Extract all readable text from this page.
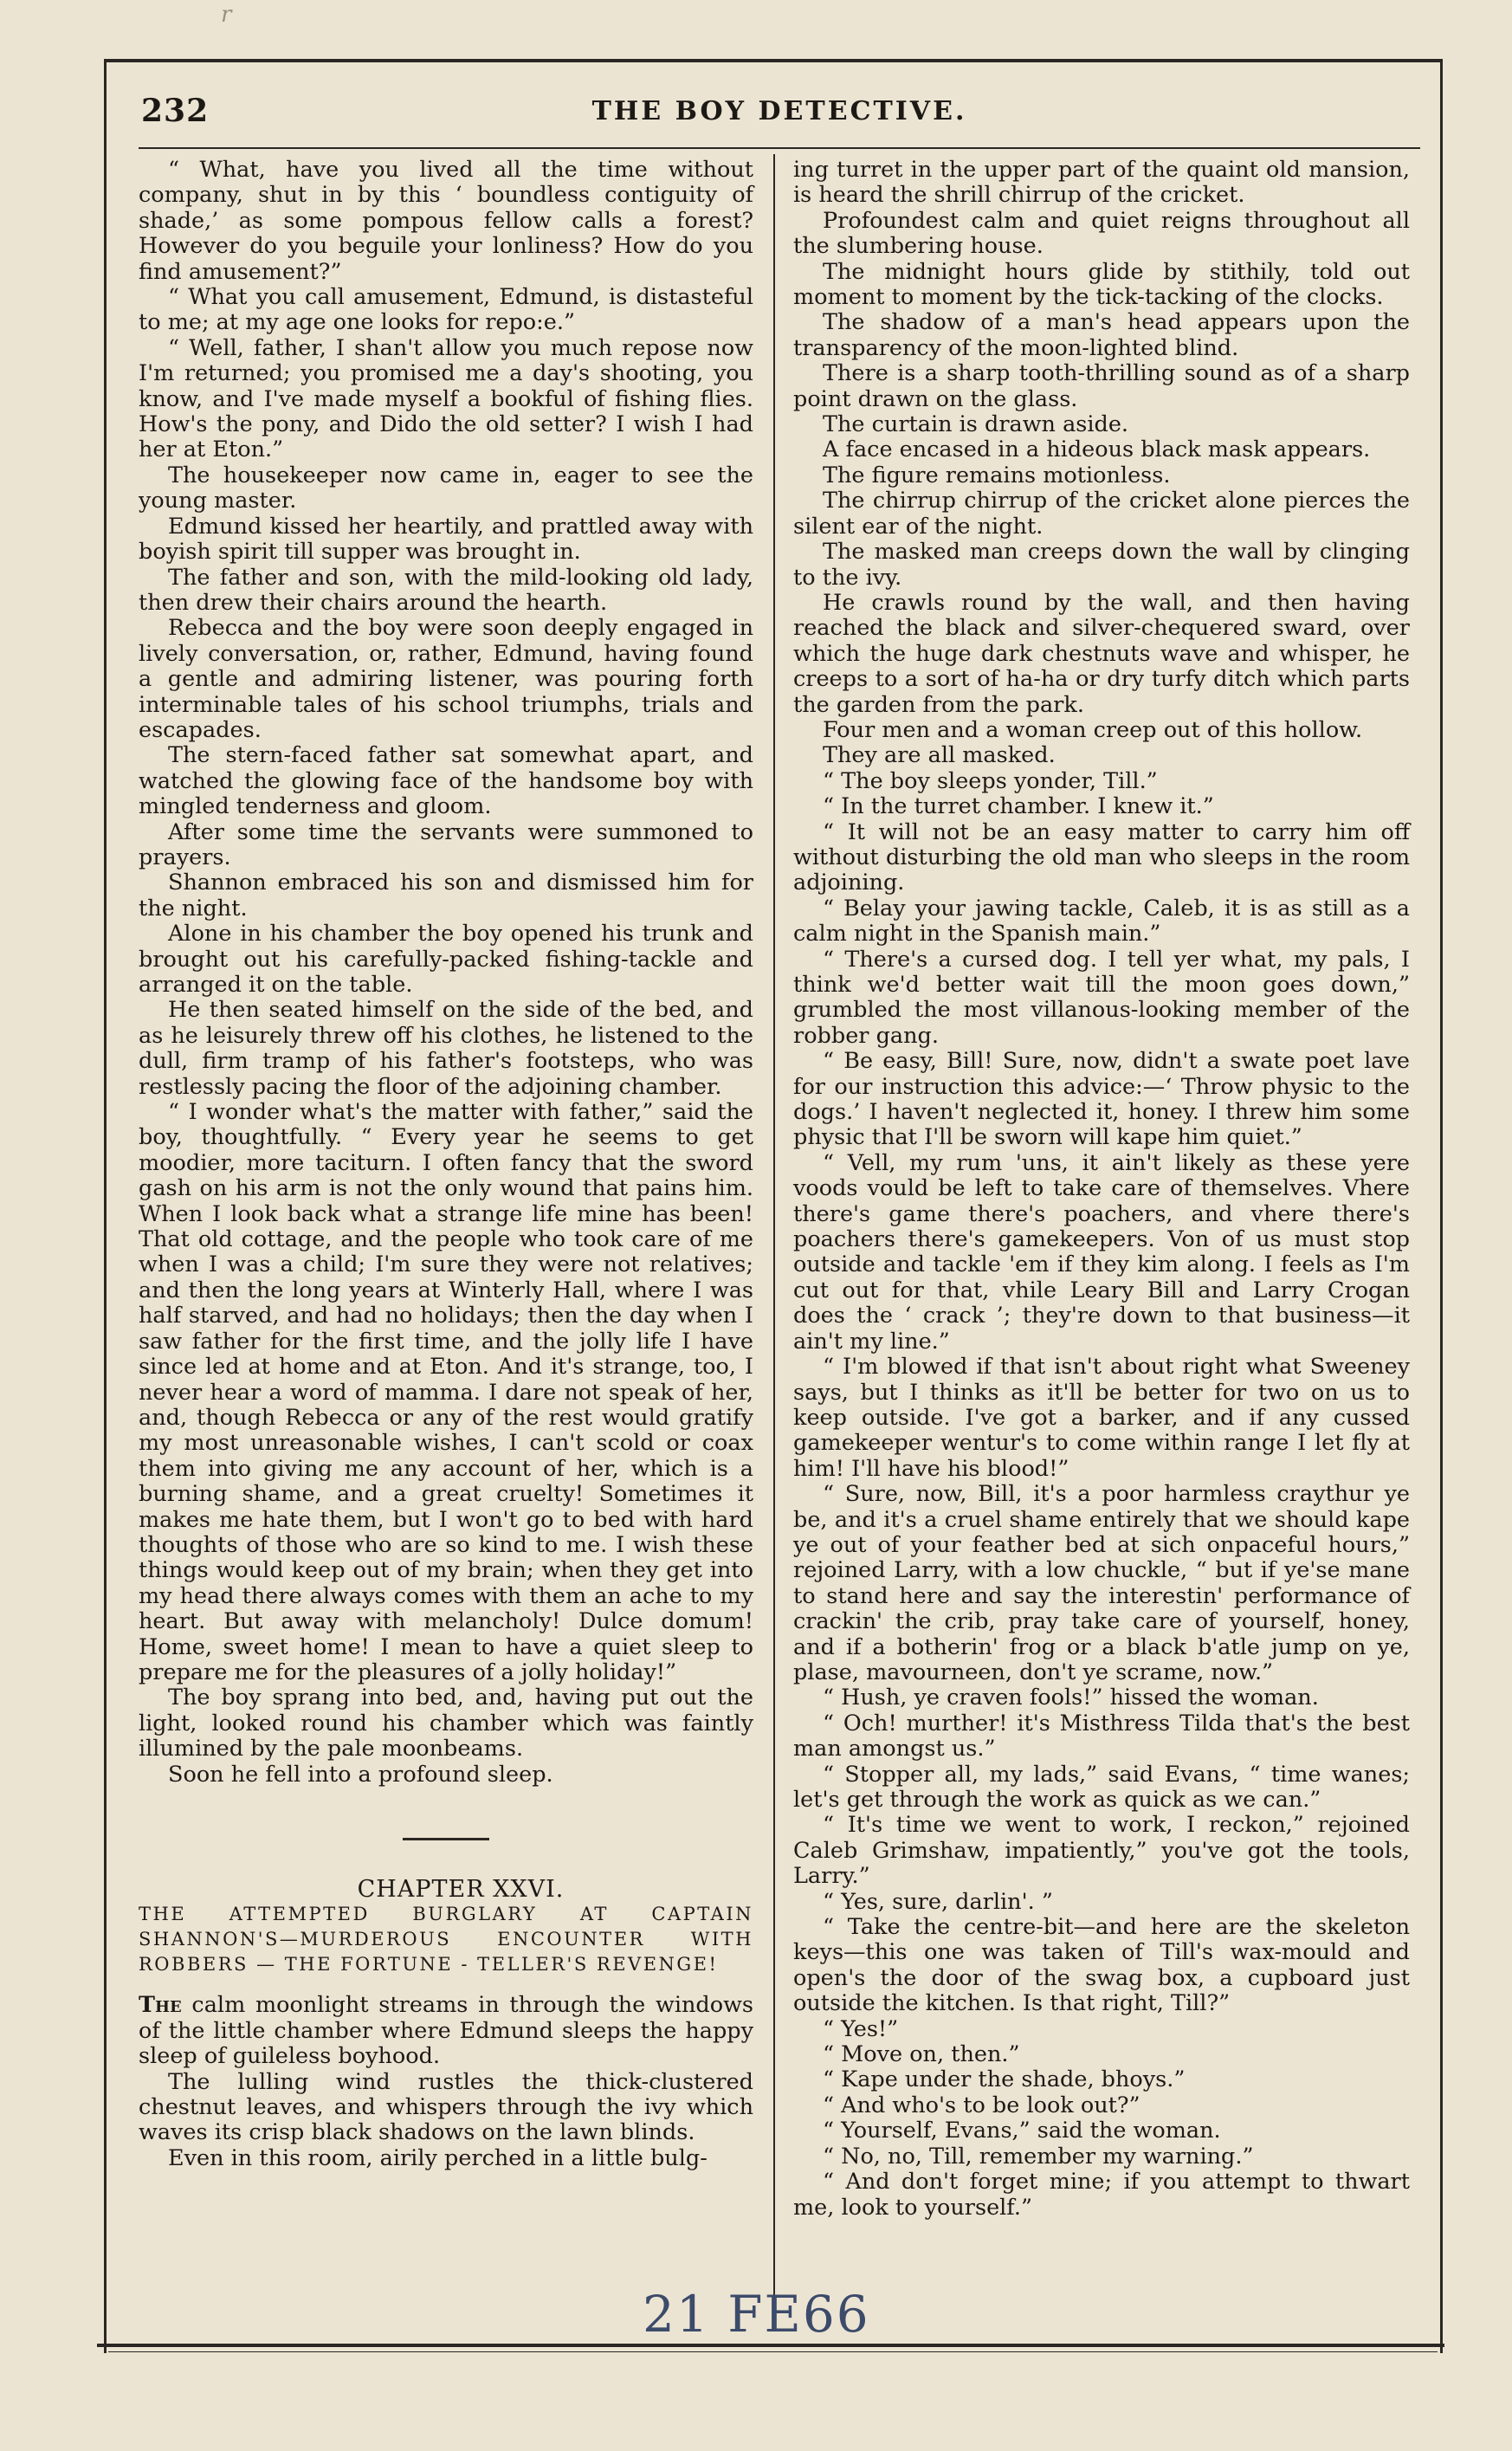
r
232	THE BOY DETECTIVE.

“ What, have you lived all the time without company, shut in by this ‘ boundless contiguity of shade,’ as some pompous fellow calls a forest? However do you beguile your lonliness? How do you find amusement?”

“ What you call amusement, Edmund, is distasteful to me; at my age one looks for repo:e.”

“ Well, father, I shan't allow you much repose now I'm returned; you promised me a day's shooting, you know, and I've made myself a bookful of fishing flies. How's the pony, and Dido the old setter? I wish I had her at Eton.”

The housekeeper now came in, eager to see the young master.

Edmund kissed her heartily, and prattled away with boyish spirit till supper was brought in.

The father and son, with the mild-looking old lady, then drew their chairs around the hearth.

Rebecca and the boy were soon deeply engaged in lively conversation, or, rather, Edmund, having found a gentle and admiring listener, was pouring forth interminable tales of his school triumphs, trials and escapades.

The stern-faced father sat somewhat apart, and watched the glowing face of the handsome boy with mingled tenderness and gloom.

After some time the servants were summoned to prayers.

Shannon embraced his son and dismissed him for the night.

Alone in his chamber the boy opened his trunk and brought out his carefully-packed fishing-tackle and arranged it on the table.

He then seated himself on the side of the bed, and as he leisurely threw off his clothes, he listened to the dull, firm tramp of his father's footsteps, who was restlessly pacing the floor of the adjoining chamber.

“ I wonder what's the matter with father,” said the boy, thoughtfully. “ Every year he seems to get moodier, more taciturn. I often fancy that the sword gash on his arm is not the only wound that pains him. When I look back what a strange life mine has been! That old cottage, and the people who took care of me when I was a child; I'm sure they were not relatives; and then the long years at Winterly Hall, where I was half starved, and had no holidays; then the day when I saw father for the first time, and the jolly life I have since led at home and at Eton. And it's strange, too, I never hear a word of mamma. I dare not speak of her, and, though Rebecca or any of the rest would gratify my most unreasonable wishes, I can't scold or coax them into giving me any account of her, which is a burning shame, and a great cruelty! Sometimes it makes me hate them, but I won't go to bed with hard thoughts of those who are so kind to me. I wish these things would keep out of my brain; when they get into my head there always comes with them an ache to my heart. But away with melancholy! Dulce domum! Home, sweet home! I mean to have a quiet sleep to prepare me for the pleasures of a jolly holiday!”

The boy sprang into bed, and, having put out the light, looked round his chamber which was faintly illumined by the pale moonbeams.

Soon he fell into a profound sleep.

CHAPTER XXVI.

THE ATTEMPTED BURGLARY AT CAPTAIN SHANNON'S—MURDEROUS ENCOUNTER WITH ROBBERS — THE FORTUNE - TELLER'S REVENGE!

The calm moonlight streams in through the windows of the little chamber where Edmund sleeps the happy sleep of guileless boyhood.

The lulling wind rustles the thick-clustered chestnut leaves, and whispers through the ivy which waves its crisp black shadows on the lawn blinds.

Even in this room, airily perched in a little bulg-

ing turret in the upper part of the quaint old mansion, is heard the shrill chirrup of the cricket.

Profoundest calm and quiet reigns throughout all the slumbering house.

The midnight hours glide by stithily, told out moment to moment by the tick-tacking of the clocks.

The shadow of a man's head appears upon the transparency of the moon-lighted blind.

There is a sharp tooth-thrilling sound as of a sharp point drawn on the glass.

The curtain is drawn aside.

A face encased in a hideous black mask appears.

The figure remains motionless.

The chirrup chirrup of the cricket alone pierces the silent ear of the night.

The masked man creeps down the wall by clinging to the ivy.

He crawls round by the wall, and then having reached the black and silver-chequered sward, over which the huge dark chestnuts wave and whisper, he creeps to a sort of ha-ha or dry turfy ditch which parts the garden from the park.

Four men and a woman creep out of this hollow.

They are all masked.

“ The boy sleeps yonder, Till.”

“ In the turret chamber. I knew it.”

“ It will not be an easy matter to carry him off without disturbing the old man who sleeps in the room adjoining.

“ Belay your jawing tackle, Caleb, it is as still as a calm night in the Spanish main.”

“ There's a cursed dog. I tell yer what, my pals, I think we'd better wait till the moon goes down,” grumbled the most villanous-looking member of the robber gang.

“ Be easy, Bill! Sure, now, didn't a swate poet lave for our instruction this advice:—‘ Throw physic to the dogs.’ I haven't neglected it, honey. I threw him some physic that I'll be sworn will kape him quiet.”

“ Vell, my rum 'uns, it ain't likely as these yere voods vould be left to take care of themselves. Vhere there's game there's poachers, and vhere there's poachers there's gamekeepers. Von of us must stop outside and tackle 'em if they kim along. I feels as I'm cut out for that, vhile Leary Bill and Larry Crogan does the ‘ crack ’; they're down to that business—it ain't my line.”

“ I'm blowed if that isn't about right what Sweeney says, but I thinks as it'll be better for two on us to keep outside. I've got a barker, and if any cussed gamekeeper wentur's to come within range I let fly at him! I'll have his blood!”

“ Sure, now, Bill, it's a poor harmless craythur ye be, and it's a cruel shame entirely that we should kape ye out of your feather bed at sich onpaceful hours,” rejoined Larry, with a low chuckle, “ but if ye'se mane to stand here and say the interestin' performance of crackin' the crib, pray take care of yourself, honey, and if a botherin' frog or a black b'atle jump on ye, plase, mavourneen, don't ye scrame, now.”

“ Hush, ye craven fools!” hissed the woman.

“ Och! murther! it's Misthress Tilda that's the best man amongst us.”

“ Stopper all, my lads,” said Evans, “ time wanes; let's get through the work as quick as we can.”

“ It's time we went to work, I reckon,” rejoined Caleb Grimshaw, impatiently,” you've got the tools, Larry.”

“ Yes, sure, darlin'. ”

“ Take the centre-bit—and here are the skeleton keys—this one was taken of Till's wax-mould and open's the door of the swag box, a cupboard just outside the kitchen. Is that right, Till?”

“ Yes!”

“ Move on, then.”

“ Kape under the shade, bhoys.”

“ And who's to be look out?”

“ Yourself, Evans,” said the woman.

“ No, no, Till, remember my warning.”

“ And don't forget mine; if you attempt to thwart me, look to yourself.”

21 FE66
